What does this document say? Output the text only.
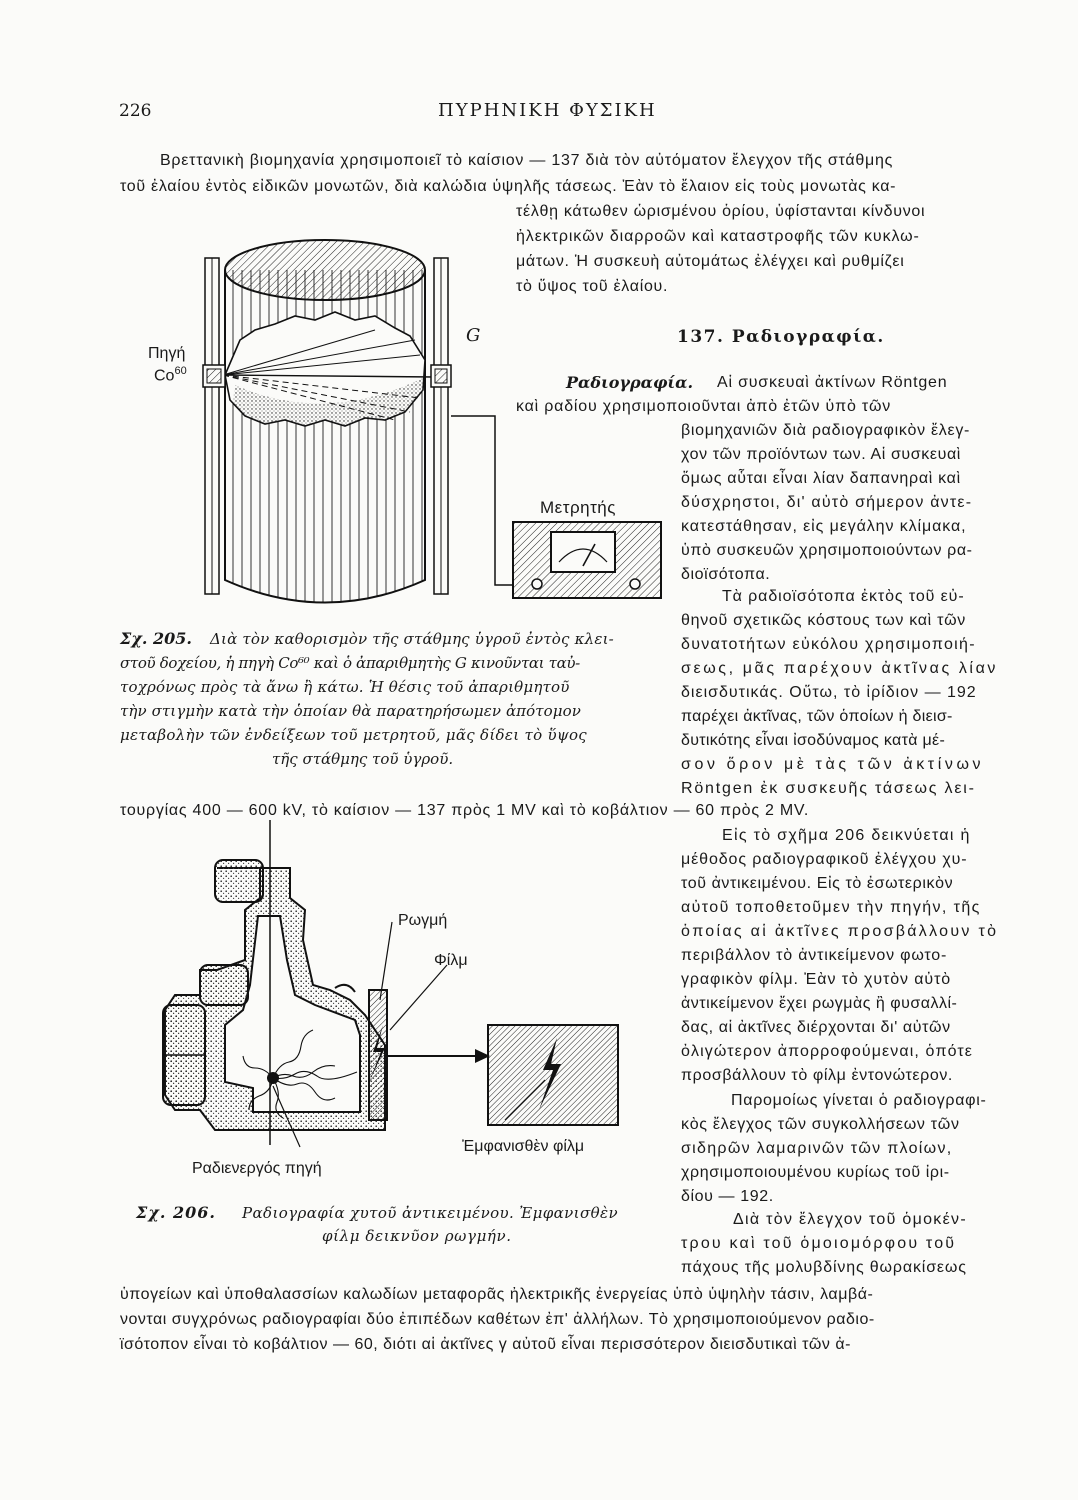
226	ΠΥΡΗΝΙΚΗ ΦΥΣΙΚΗ
Βρεττανικὴ βιομηχανία χρησιμοποιεῖ τὸ καίσιον — 137 διὰ τὸν αὐτόματον ἔλεγχον τῆς στάθμης
τοῦ ἐλαίου ἐντὸς εἰδικῶν μονωτῶν, διὰ καλώδια ὑψηλῆς τάσεως. Ἐὰν τὸ ἔλαιον εἰς τοὺς μονωτὰς κα-
τέλθῃ κάτωθεν ὡρισμένου ὁρίου, ὑφίστανται κίνδυνοι
ἠλεκτρικῶν διαρροῶν καὶ καταστροφῆς τῶν κυκλω-
μάτων. Ἡ συσκευὴ αὐτομάτως ἐλέγχει καὶ ρυθμίζει
τὸ ὕψος τοῦ ἐλαίου.
137. Ραδιογραφία.
Ραδιογραφία. Αἱ συσκευαὶ ἀκτίνων Röntgen
καὶ ραδίου χρησιμοποιοῦνται ἀπὸ ἐτῶν ὑπὸ τῶν
βιομηχανιῶν διὰ ραδιογραφικὸν ἔλεγ-
χον τῶν προϊόντων των. Αἱ συσκευαὶ
ὅμως αὗται εἶναι λίαν δαπανηραὶ καὶ
δύσχρηστοι, δι' αὐτὸ σήμερον ἀντε-
κατεστάθησαν, εἰς μεγάλην κλίμακα,
ὑπὸ συσκευῶν χρησιμοποιούντων ρα-
διοϊσότοπα.
Τὰ ραδιοϊσότοπα ἐκτὸς τοῦ εὐ-
θηνοῦ σχετικῶς κόστους των καὶ τῶν
δυνατοτήτων εὐκόλου χρησιμοποιή-
σεως, μᾶς παρέχουν ἀκτῖνας λίαν
διεισδυτικάς. Οὕτω, τὸ ἰρίδιον — 192
παρέχει ἀκτῖνας, τῶν ὁποίων ἡ διεισ-
δυτικότης εἶναι ἰσοδύναμος κατὰ μέ-
σον ὅρον μὲ τὰς τῶν ἀκτίνων
Röntgen ἐκ συσκευῆς τάσεως λει-
τουργίας 400 — 600 kV, τὸ καίσιον — 137 πρὸς 1 MV καὶ τὸ κοβάλτιον — 60 πρὸς 2 MV.
Εἰς τὸ σχῆμα 206 δεικνύεται ἡ
μέθοδος ραδιογραφικοῦ ἐλέγχου χυ-
τοῦ ἀντικειμένου. Εἰς τὸ ἐσωτερικὸν
αὐτοῦ τοποθετοῦμεν τὴν πηγήν, τῆς
ὁποίας αἱ ἀκτῖνες προσβάλλουν τὸ
περιβάλλον τὸ ἀντικείμενον φωτο-
γραφικὸν φίλμ. Ἐὰν τὸ χυτὸν αὐτὸ
ἀντικείμενον ἔχει ρωγμὰς ἢ φυσαλλί-
δας, αἱ ἀκτῖνες διέρχονται δι' αὐτῶν
ὀλιγώτερον ἀπορροφούμεναι, ὁπότε
προσβάλλουν τὸ φίλμ ἐντονώτερον.
Παρομοίως γίνεται ὁ ραδιογραφι-
κὸς ἔλεγχος τῶν συγκολλήσεων τῶν
σιδηρῶν λαμαρινῶν τῶν πλοίων,
χρησιμοποιουμένου κυρίως τοῦ ἰρι-
δίου — 192.
Διὰ τὸν ἔλεγχον τοῦ ὁμοκέν-
τρου καὶ τοῦ ὁμοιομόρφου τοῦ
πάχους τῆς μολυβδίνης θωρακίσεως
ὑπογείων καὶ ὑποθαλασσίων καλωδίων μεταφορᾶς ἠλεκτρικῆς ἐνεργείας ὑπὸ ὑψηλὴν τάσιν, λαμβά-
νονται συγχρόνως ραδιογραφίαι δύο ἐπιπέδων καθέτων ἐπ' ἀλλήλων. Τὸ χρησιμοποιούμενον ραδιο-
ϊσότοπον εἶναι τὸ κοβάλτιον — 60, διότι αἱ ἀκτῖνες γ αὐτοῦ εἶναι περισσότερον διεισδυτικαὶ τῶν ἀ-
Πηγή
Co$^{60}$
G
Μετρητής
Σχ. 205. Διὰ τὸν καθορισμὸν τῆς στάθμης ὑγροῦ ἐντὸς κλει-
στοῦ δοχείου, ἡ πηγὴ Co⁶⁰ καὶ ὁ ἀπαριθμητὴς G κινοῦνται ταὐ-
τοχρόνως πρὸς τὰ ἄνω ἢ κάτω. Ἡ θέσις τοῦ ἀπαριθμητοῦ
τὴν στιγμὴν κατὰ τὴν ὁποίαν θὰ παρατηρήσωμεν ἀπότομον
μεταβολὴν τῶν ἐνδείξεων τοῦ μετρητοῦ, μᾶς δίδει τὸ ὕψος
τῆς στάθμης τοῦ ὑγροῦ.
Ρωγμή
Φίλμ
Ραδιενεργός πηγή
Ἐμφανισθὲν φίλμ
Σχ. 206. Ραδιογραφία χυτοῦ ἀντικειμένου. Ἐμφανισθὲν
φίλμ δεικνῦον ρωγμήν.
